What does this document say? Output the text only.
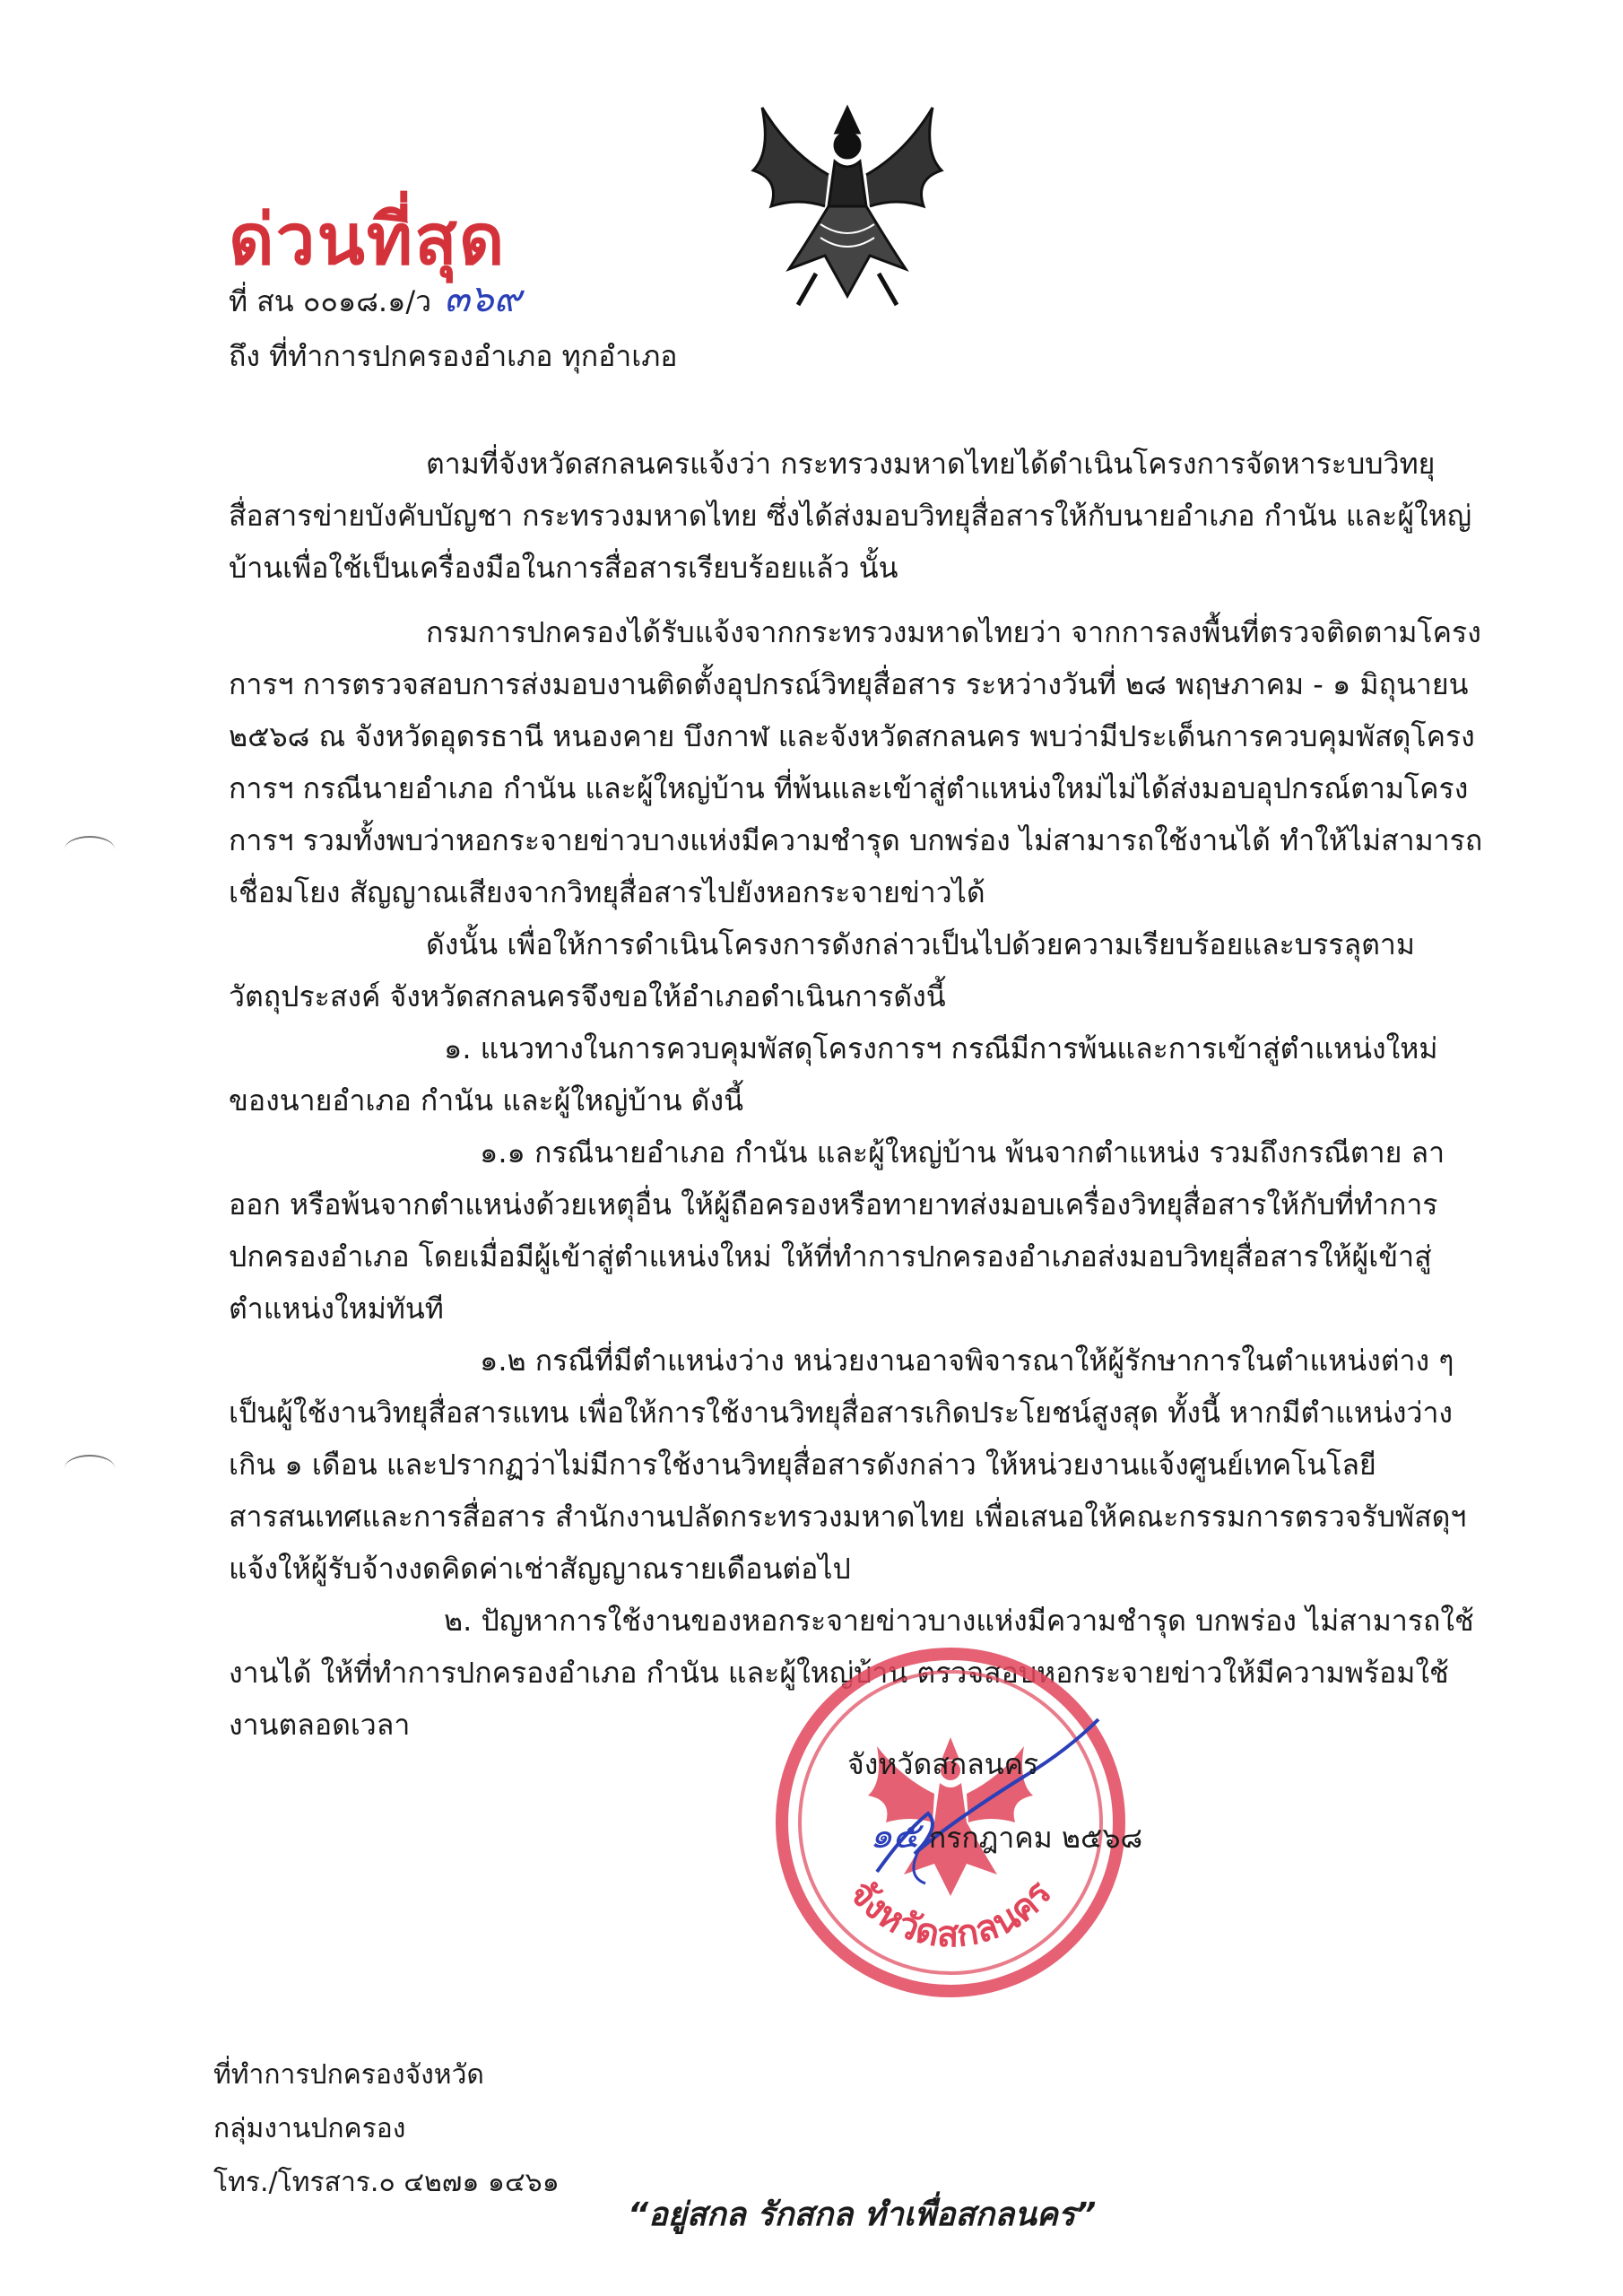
ด่วนที่สุด
ที่ สน ๐๐๑๘.๑/ว ๓๖๙
ถึง ที่ทำการปกครองอำเภอ ทุกอำเภอ

ตามที่จังหวัดสกลนครแจ้งว่า กระทรวงมหาดไทยได้ดำเนินโครงการจัดหาระบบวิทยุสื่อสารข่ายบังคับบัญชา กระทรวงมหาดไทย ซึ่งได้ส่งมอบวิทยุสื่อสารให้กับนายอำเภอ กำนัน และผู้ใหญ่บ้านเพื่อใช้เป็นเครื่องมือในการสื่อสารเรียบร้อยแล้ว นั้น

กรมการปกครองได้รับแจ้งจากกระทรวงมหาดไทยว่า จากการลงพื้นที่ตรวจติดตามโครงการฯ การตรวจสอบการส่งมอบงานติดตั้งอุปกรณ์วิทยุสื่อสาร ระหว่างวันที่ ๒๘ พฤษภาคม - ๑ มิถุนายน ๒๕๖๘ ณ จังหวัดอุดรธานี หนองคาย บึงกาฬ และจังหวัดสกลนคร พบว่ามีประเด็นการควบคุมพัสดุโครงการฯ กรณีนายอำเภอ กำนัน และผู้ใหญ่บ้าน ที่พ้นและเข้าสู่ตำแหน่งใหม่ไม่ได้ส่งมอบอุปกรณ์ตามโครงการฯ รวมทั้งพบว่าหอกระจายข่าวบางแห่งมีความชำรุด บกพร่อง ไม่สามารถใช้งานได้ ทำให้ไม่สามารถเชื่อมโยง สัญญาณเสียงจากวิทยุสื่อสารไปยังหอกระจายข่าวได้

ดังนั้น เพื่อให้การดำเนินโครงการดังกล่าวเป็นไปด้วยความเรียบร้อยและบรรลุตามวัตถุประสงค์ จังหวัดสกลนครจึงขอให้อำเภอดำเนินการดังนี้

๑. แนวทางในการควบคุมพัสดุโครงการฯ กรณีมีการพ้นและการเข้าสู่ตำแหน่งใหม่ของนายอำเภอ กำนัน และผู้ใหญ่บ้าน ดังนี้

๑.๑ กรณีนายอำเภอ กำนัน และผู้ใหญ่บ้าน พ้นจากตำแหน่ง รวมถึงกรณีตาย ลาออก หรือพ้นจากตำแหน่งด้วยเหตุอื่น ให้ผู้ถือครองหรือทายาทส่งมอบเครื่องวิทยุสื่อสารให้กับที่ทำการปกครองอำเภอ โดยเมื่อมีผู้เข้าสู่ตำแหน่งใหม่ ให้ที่ทำการปกครองอำเภอส่งมอบวิทยุสื่อสารให้ผู้เข้าสู่ตำแหน่งใหม่ทันที

๑.๒ กรณีที่มีตำแหน่งว่าง หน่วยงานอาจพิจารณาให้ผู้รักษาการในตำแหน่งต่าง ๆ เป็นผู้ใช้งานวิทยุสื่อสารแทน เพื่อให้การใช้งานวิทยุสื่อสารเกิดประโยชน์สูงสุด ทั้งนี้ หากมีตำแหน่งว่างเกิน ๑ เดือน และปรากฏว่าไม่มีการใช้งานวิทยุสื่อสารดังกล่าว ให้หน่วยงานแจ้งศูนย์เทคโนโลยีสารสนเทศและการสื่อสาร สำนักงานปลัดกระทรวงมหาดไทย เพื่อเสนอให้คณะกรรมการตรวจรับพัสดุฯ แจ้งให้ผู้รับจ้างงดคิดค่าเช่าสัญญาณรายเดือนต่อไป

๒. ปัญหาการใช้งานของหอกระจายข่าวบางแห่งมีความชำรุด บกพร่อง ไม่สามารถใช้งานได้ ให้ที่ทำการปกครองอำเภอ กำนัน และผู้ใหญ่บ้าน ตรวจสอบหอกระจายข่าวให้มีความพร้อมใช้งานตลอดเวลา

จังหวัดสกลนคร
จังหวัดสกลนคร
๑๕ กรกฎาคม ๒๕๖๘
ที่ทำการปกครองจังหวัด
กลุ่มงานปกครอง
โทร./โทรสาร.๐ ๔๒๗๑ ๑๔๖๑
“อยู่สกล รักสกล ทำเพื่อสกลนคร”
